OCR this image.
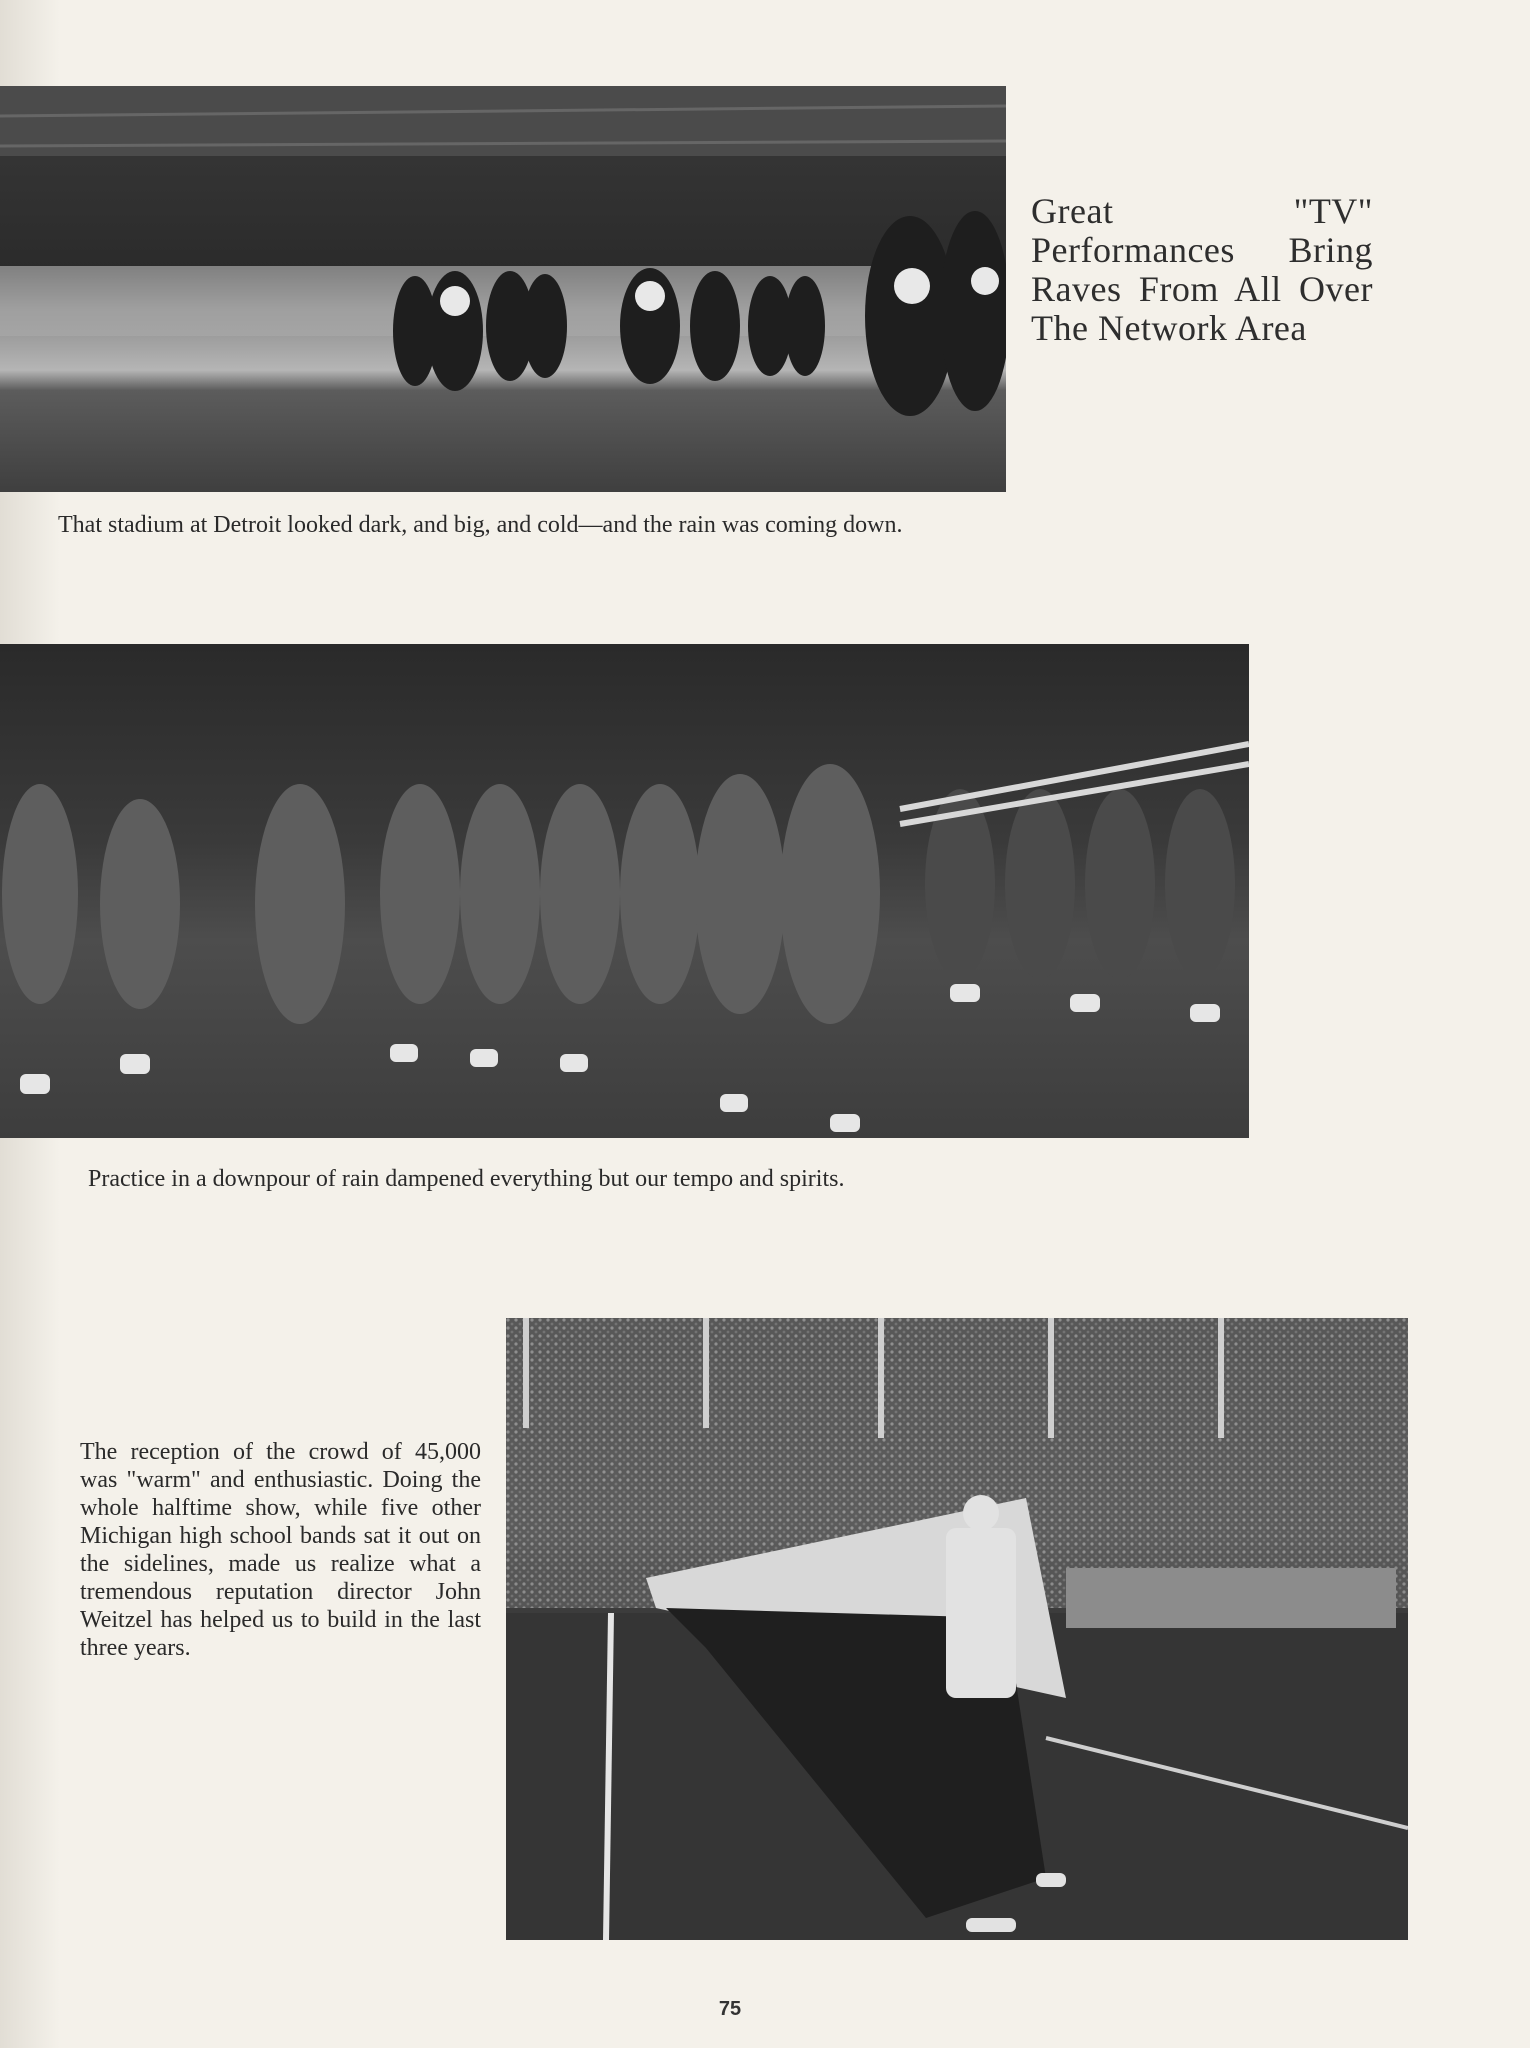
Great "TV" Performances Bring Raves From All Over The Network Area
That stadium at Detroit looked dark, and big, and cold—and the rain was coming down.
Practice in a downpour of rain dampened everything but our tempo and spirits.
The reception of the crowd of 45,000 was "warm" and enthusiastic. Doing the whole halftime show, while five other Michigan high school bands sat it out on the sidelines, made us realize what a tremendous reputation director John Weitzel has helped us to build in the last three years.
75
